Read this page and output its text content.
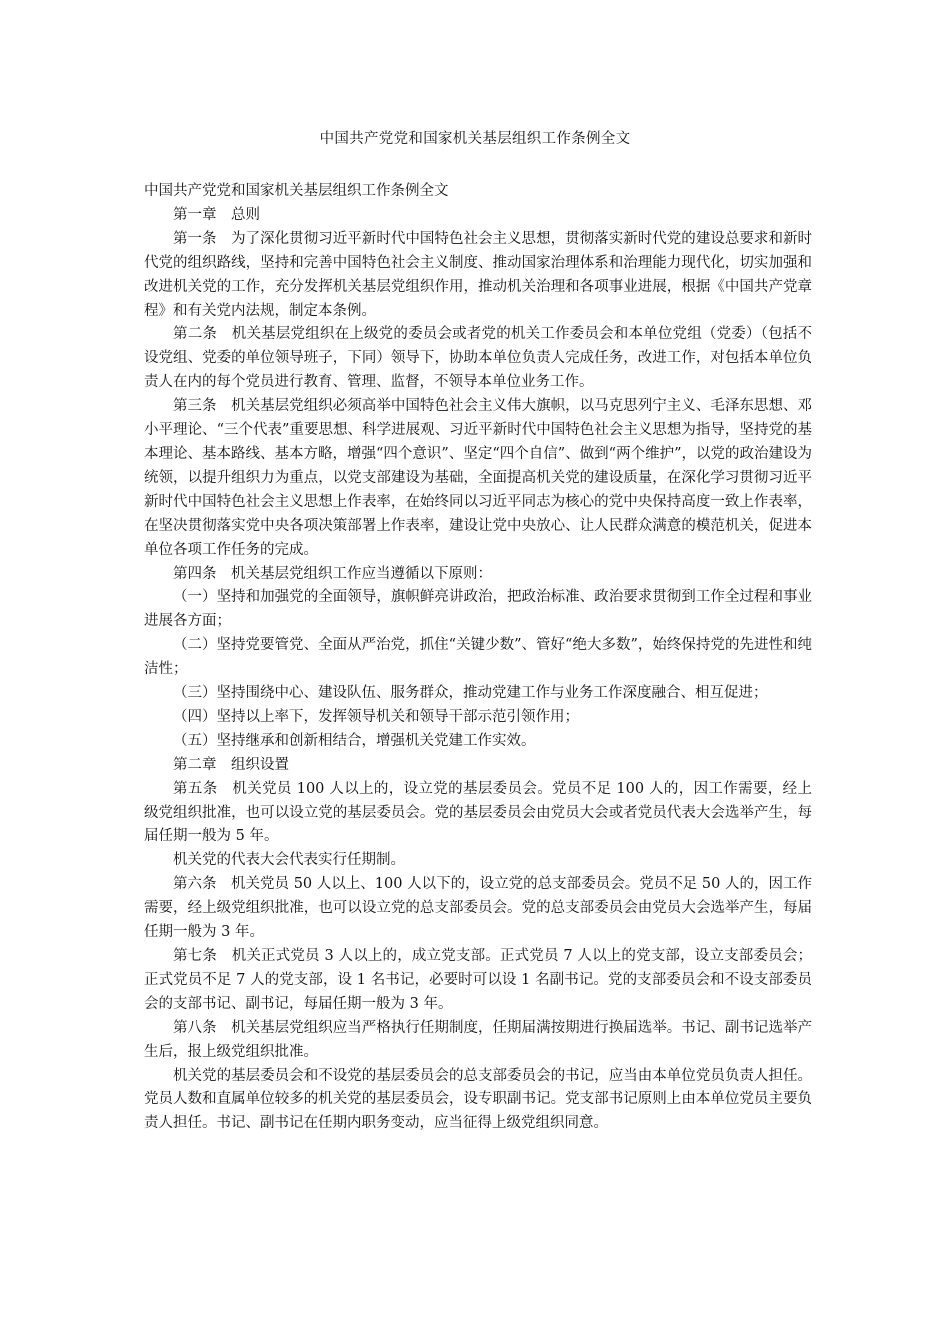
中国共产党党和国家机关基层组织工作条例全文

中国共产党党和国家机关基层组织工作条例全文

第一章　总则

第一条　为了深化贯彻习近平新时代中国特色社会主义思想，贯彻落实新时代党的建设总要求和新时代党的组织路线，坚持和完善中国特色社会主义制度、推动国家治理体系和治理能力现代化，切实加强和改进机关党的工作，充分发挥机关基层党组织作用，推动机关治理和各项事业进展，根据《中国共产党章程》和有关党内法规，制定本条例。

第二条　机关基层党组织在上级党的委员会或者党的机关工作委员会和本单位党组（党委）（包括不设党组、党委的单位领导班子，下同）领导下，协助本单位负责人完成任务，改进工作，对包括本单位负责人在内的每个党员进行教育、管理、监督，不领导本单位业务工作。

第三条　机关基层党组织必须高举中国特色社会主义伟大旗帜，以马克思列宁主义、毛泽东思想、邓小平理论、“三个代表”重要思想、科学进展观、习近平新时代中国特色社会主义思想为指导，坚持党的基本理论、基本路线、基本方略，增强“四个意识”、坚定“四个自信”、做到“两个维护”，以党的政治建设为统领，以提升组织力为重点，以党支部建设为基础，全面提高机关党的建设质量，在深化学习贯彻习近平新时代中国特色社会主义思想上作表率，在始终同以习近平同志为核心的党中央保持高度一致上作表率，在坚决贯彻落实党中央各项决策部署上作表率，建设让党中央放心、让人民群众满意的模范机关，促进本单位各项工作任务的完成。

第四条　机关基层党组织工作应当遵循以下原则：

（一）坚持和加强党的全面领导，旗帜鲜亮讲政治，把政治标准、政治要求贯彻到工作全过程和事业进展各方面；

（二）坚持党要管党、全面从严治党，抓住“关键少数”、管好“绝大多数”，始终保持党的先进性和纯洁性；

（三）坚持围绕中心、建设队伍、服务群众，推动党建工作与业务工作深度融合、相互促进；

（四）坚持以上率下，发挥领导机关和领导干部示范引领作用；

（五）坚持继承和创新相结合，增强机关党建工作实效。

第二章　组织设置

第五条　机关党员 100 人以上的，设立党的基层委员会。党员不足 100 人的，因工作需要，经上级党组织批准，也可以设立党的基层委员会。党的基层委员会由党员大会或者党员代表大会选举产生，每届任期一般为 5 年。

机关党的代表大会代表实行任期制。

第六条　机关党员 50 人以上、100 人以下的，设立党的总支部委员会。党员不足 50 人的，因工作需要，经上级党组织批准，也可以设立党的总支部委员会。党的总支部委员会由党员大会选举产生，每届任期一般为 3 年。

第七条　机关正式党员 3 人以上的，成立党支部。正式党员 7 人以上的党支部，设立支部委员会；正式党员不足 7 人的党支部，设 1 名书记，必要时可以设 1 名副书记。党的支部委员会和不设支部委员会的支部书记、副书记，每届任期一般为 3 年。

第八条　机关基层党组织应当严格执行任期制度，任期届满按期进行换届选举。书记、副书记选举产生后，报上级党组织批准。

机关党的基层委员会和不设党的基层委员会的总支部委员会的书记，应当由本单位党员负责人担任。党员人数和直属单位较多的机关党的基层委员会，设专职副书记。党支部书记原则上由本单位党员主要负责人担任。书记、副书记在任期内职务变动，应当征得上级党组织同意。
